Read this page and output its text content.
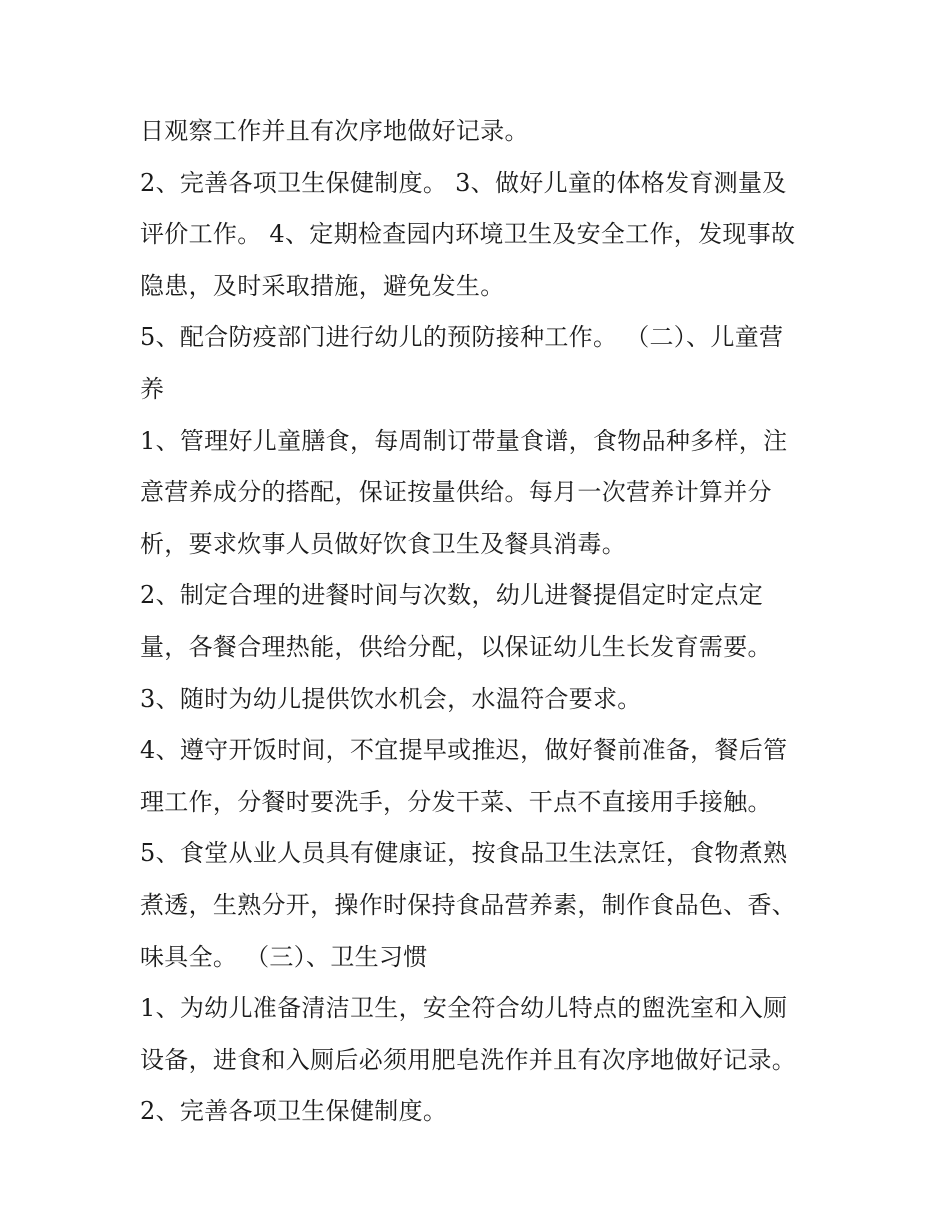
日观察工作并且有次序地做好记录。
2、完善各项卫生保健制度。 3、做好儿童的体格发育测量及
评价工作。 4、定期检查园内环境卫生及安全工作，发现事故
隐患，及时采取措施，避免发生。
5、配合防疫部门进行幼儿的预防接种工作。 （二）、儿童营
养
1、管理好儿童膳食，每周制订带量食谱，食物品种多样，注
意营养成分的搭配，保证按量供给。每月一次营养计算并分
析，要求炊事人员做好饮食卫生及餐具消毒。
2、制定合理的进餐时间与次数，幼儿进餐提倡定时定点定
量，各餐合理热能，供给分配，以保证幼儿生长发育需要。
3、随时为幼儿提供饮水机会，水温符合要求。
4、遵守开饭时间，不宜提早或推迟，做好餐前准备，餐后管
理工作，分餐时要洗手，分发干菜、干点不直接用手接触。
5、食堂从业人员具有健康证，按食品卫生法烹饪，食物煮熟
煮透，生熟分开，操作时保持食品营养素，制作食品色、香、
味具全。 （三）、卫生习惯
1、为幼儿准备清洁卫生，安全符合幼儿特点的盥洗室和入厕
设备，进食和入厕后必须用肥皂洗作并且有次序地做好记录。
2、完善各项卫生保健制度。
